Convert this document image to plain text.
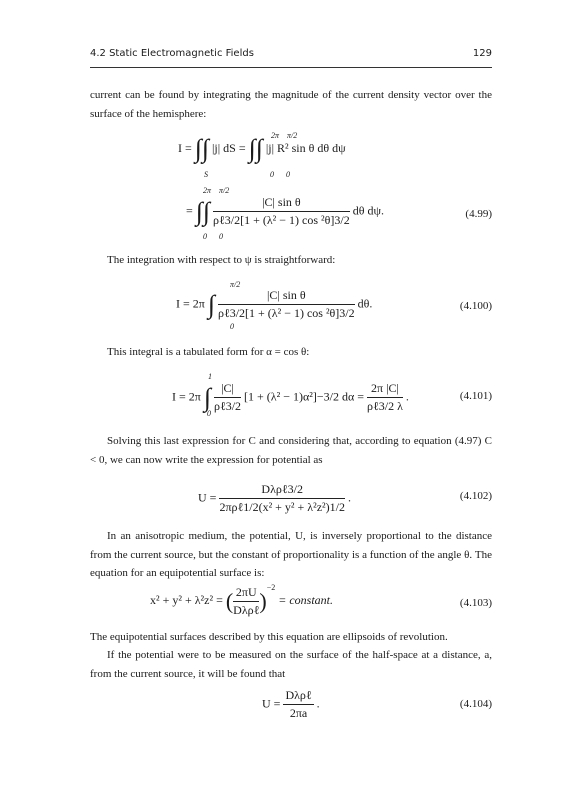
4.2 Static Electromagnetic Fields	129
current can be found by integrating the magnitude of the current density vector over the surface of the hemisphere:
I = ∫∫ |j| dS = ∫∫ |j| R² sin θ dθ dψ
S
2π π/2
0 0
2π π/2
= ∫∫ $\frac{\text{|C| sin θ}}{\text{ρℓ3/2[1 + (λ² − 1) cos ²θ]3/2}}$ dθ dψ.
0 0
(4.99)
The integration with respect to ψ is straightforward:
π/2
I = 2π ∫ $\frac{\text{|C| sin θ}}{\text{ρℓ3/2[1 + (λ² − 1) cos ²θ]3/2}} d\theta$.
0
(4.100)
This integral is a tabulated form for α = cos θ:
1
I = 2π ∫ $\frac{|C|}{\text{ρℓ3/2}} [1 + (\lambda^2 - 1)\alpha^2]-3/2$ $d\alpha = \frac{2\pi |C|}{\text{ρℓ3/2 λ}}$ .
0
(4.101)
Solving this last expression for C and considering that, according to equation (4.97) C < 0, we can now write the expression for potential as
$U = \frac{\text{Dλρℓ3/2}}{\text{2πρℓ1/2(x² + y² + λ²z²)1/2}}$ .	(4.102)
In an anisotropic medium, the potential, U, is inversely proportional to the distance from the current source, but the constant of proportionality is a function of the angle θ. The equation for an equipotential surface is:
x² + y² + λ²z² = ( $\frac{2\pi U}{\text{Dλρℓ}} )^{-2}$ = constant.	(4.103)
The equipotential surfaces described by this equation are ellipsoids of revolution.
If the potential were to be measured on the surface of the half-space at a distance, a, from the current source, it will be found that
$U = \frac{\text{Dλρℓ}}{2\pi a}$ .	(4.104)
